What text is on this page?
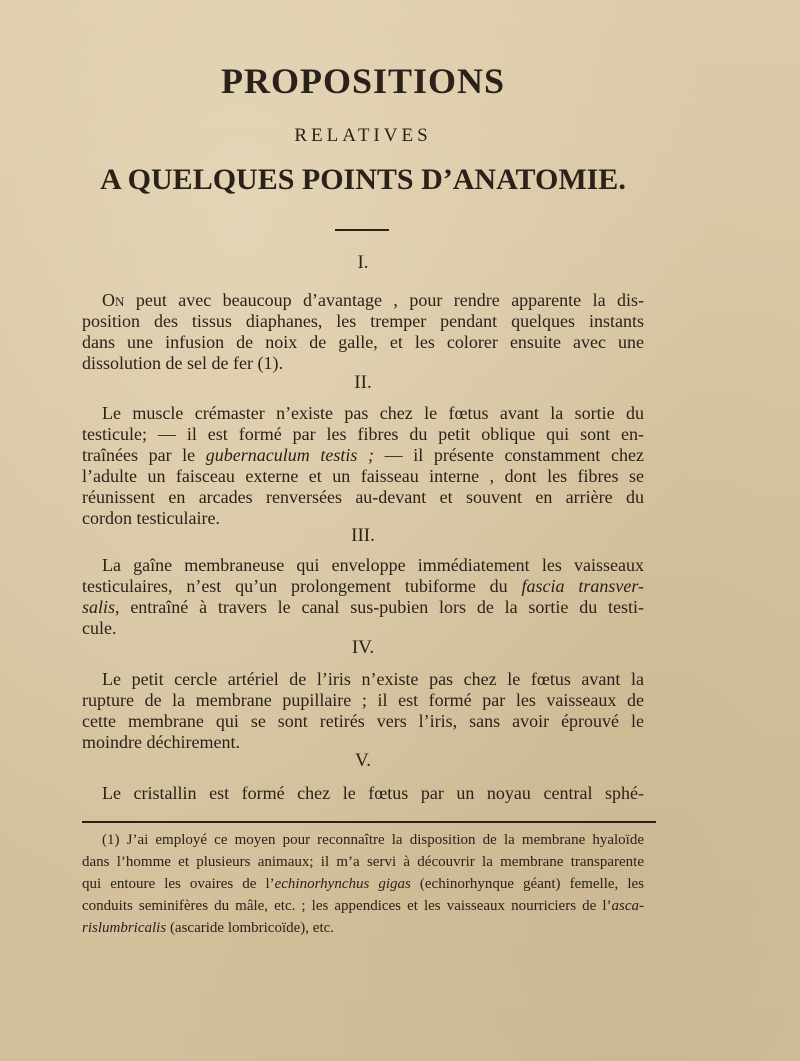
PROPOSITIONS
RELATIVES
A QUELQUES POINTS D’ANATOMIE.
I.

On peut avec beaucoup d’avantage , pour rendre apparente la dis-
position des tissus diaphanes, les tremper pendant quelques instants
dans une infusion de noix de galle, et les colorer ensuite avec une
dissolution de sel de fer (1).

II.

Le muscle crémaster n’existe pas chez le fœtus avant la sortie du
testicule; — il est formé par les fibres du petit oblique qui sont en-
traînées par le gubernaculum testis ; — il présente constamment chez
l’adulte un faisceau externe et un faisseau interne , dont les fibres se
réunissent en arcades renversées au-devant et souvent en arrière du
cordon testiculaire.

III.

La gaîne membraneuse qui enveloppe immédiatement les vaisseaux
testiculaires, n’est qu’un prolongement tubiforme du fascia transver-
salis, entraîné à travers le canal sus-pubien lors de la sortie du testi-
cule.

IV.

Le petit cercle artériel de l’iris n’existe pas chez le fœtus avant la
rupture de la membrane pupillaire ; il est formé par les vaisseaux de
cette membrane qui se sont retirés vers l’iris, sans avoir éprouvé le
moindre déchirement.

V.

Le cristallin est formé chez le fœtus par un noyau central sphé-

(1) J’ai employé ce moyen pour reconnaître la disposition de la membrane hyaloïde
dans l’homme et plusieurs animaux; il m’a servi à découvrir la membrane transparente
qui entoure les ovaires de l’echinorhynchus gigas (echinorhynque géant) femelle, les
conduits seminifères du mâle, etc. ; les appendices et les vaisseaux nourriciers de l’asca-
rislumbricalis (ascaride lombricoïde), etc.
